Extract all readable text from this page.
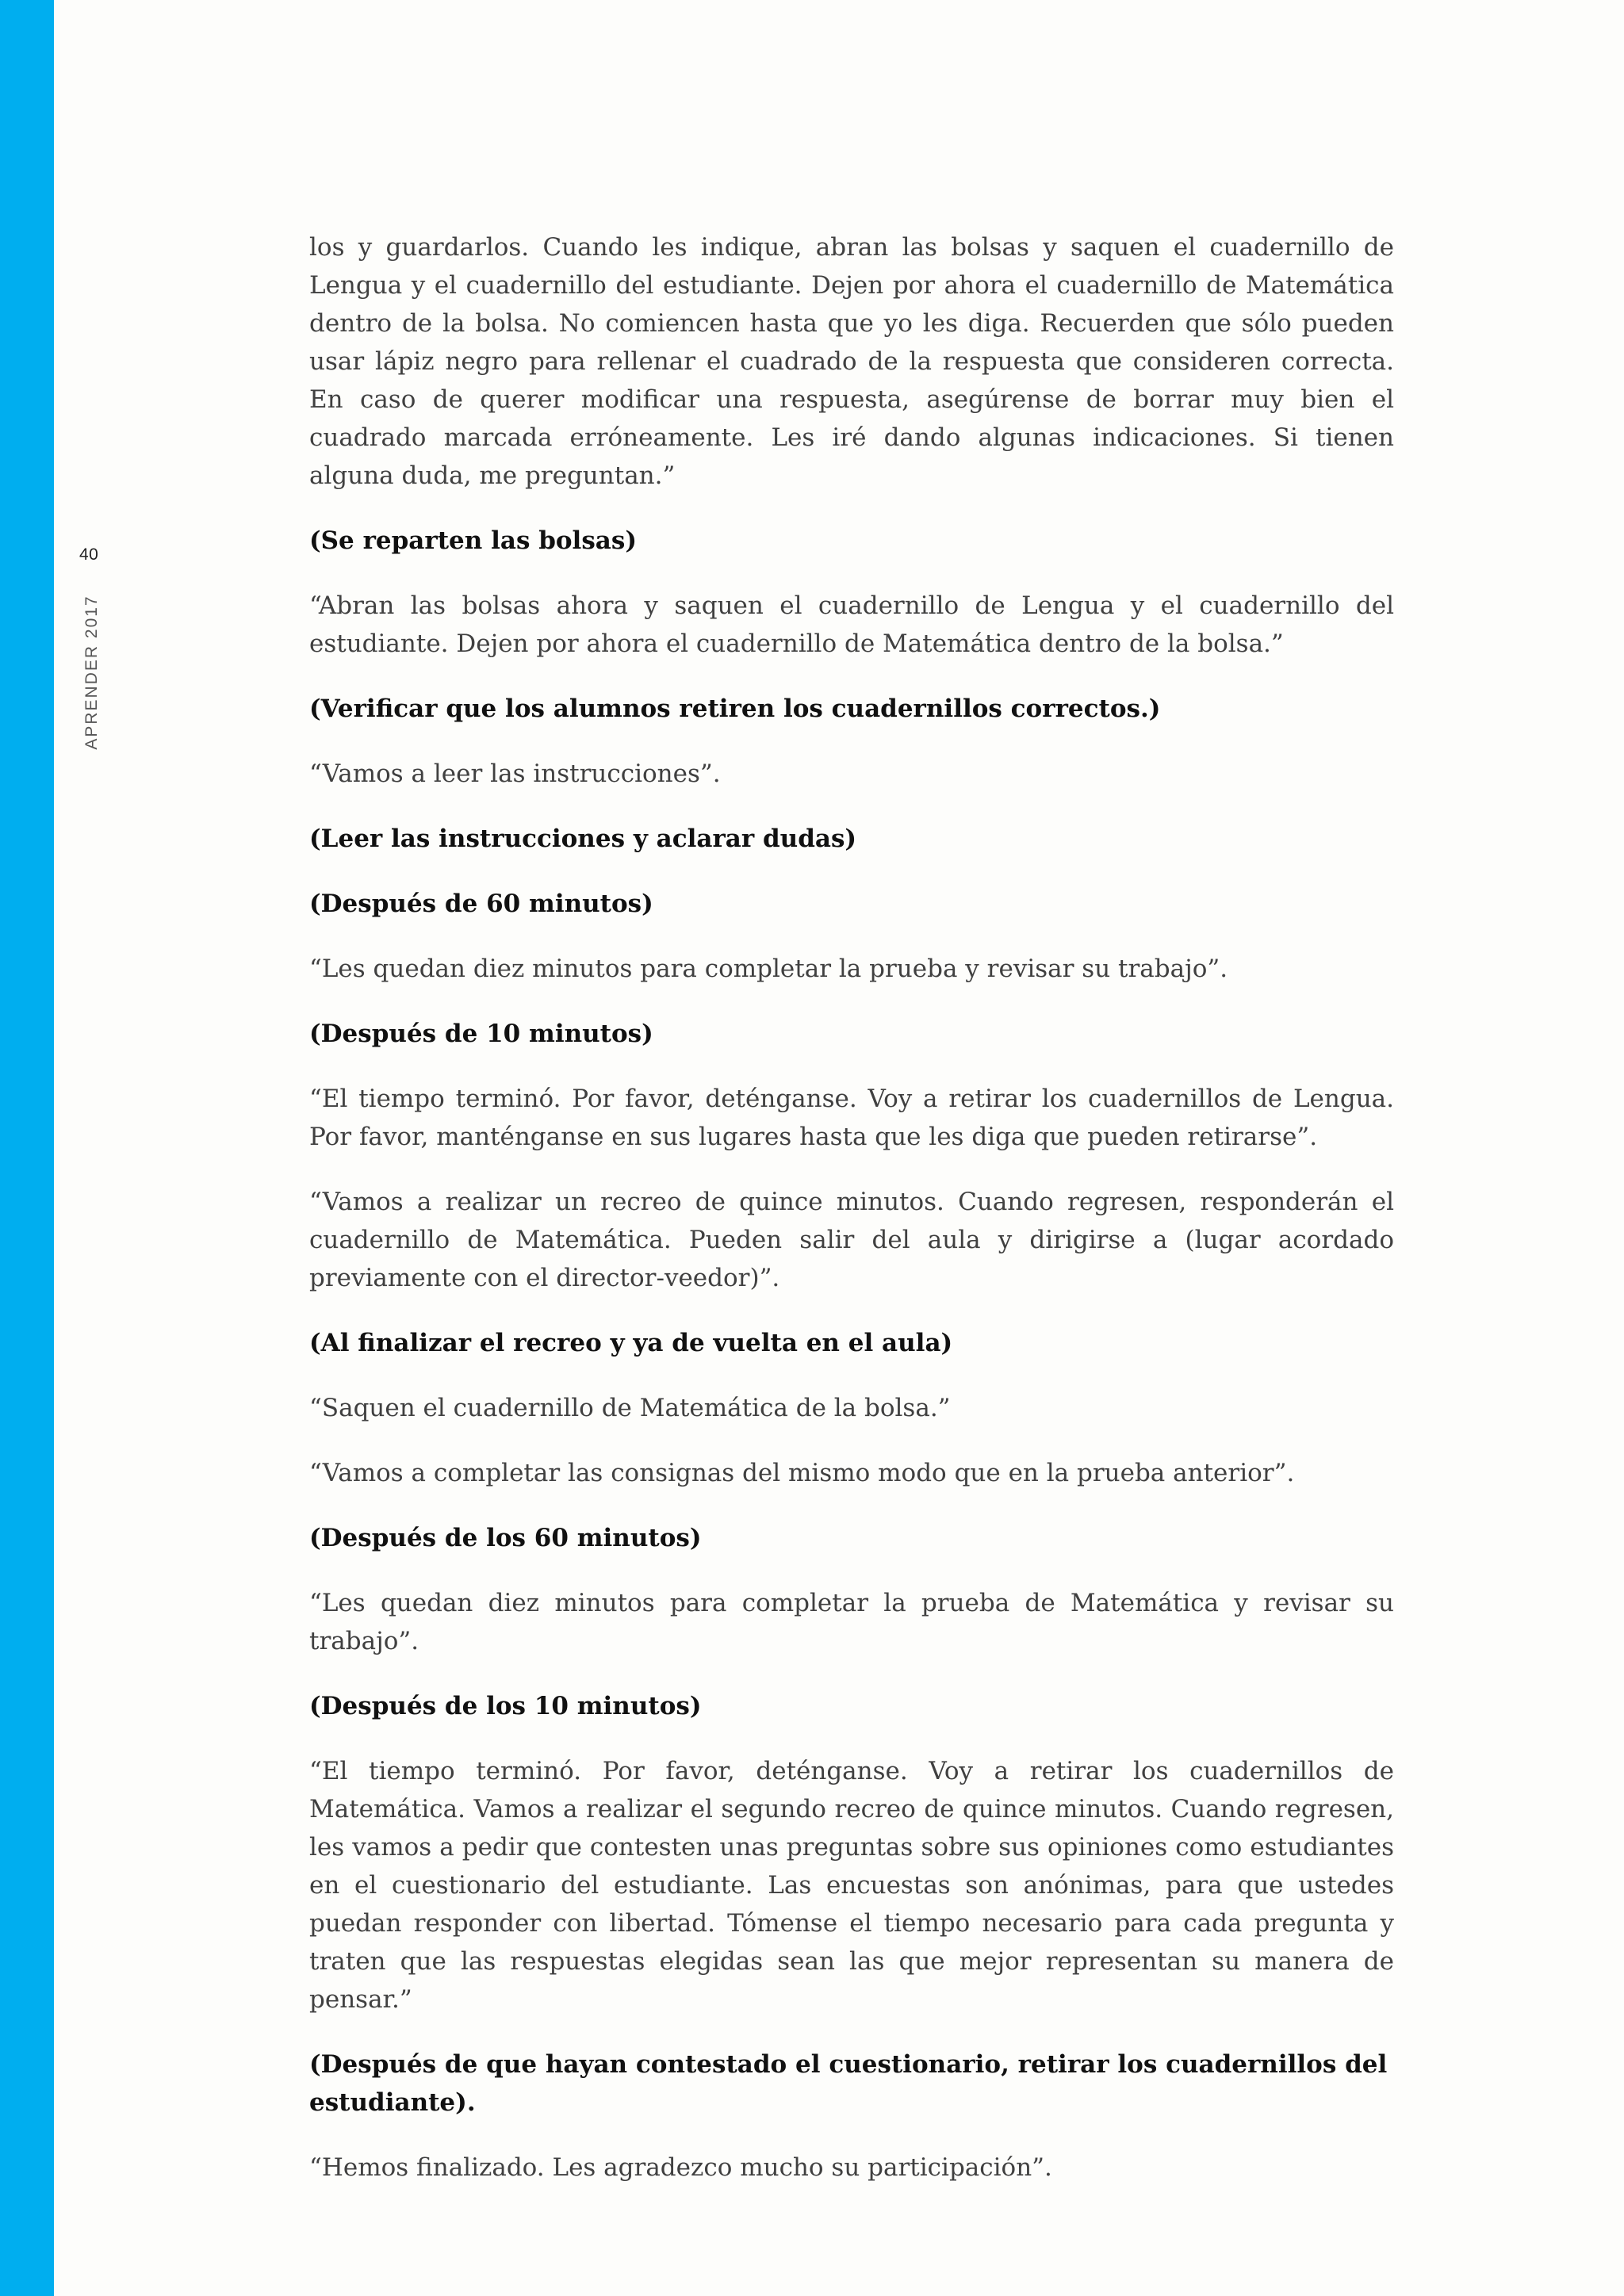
40
APRENDER 2017

los y guardarlos. Cuando les indique, abran las bolsas y saquen el cuadernillo de Lengua y el cuadernillo del estudiante. Dejen por ahora el cuadernillo de Matemática dentro de la bolsa. No comiencen hasta que yo les diga. Recuerden que sólo pueden usar lápiz negro para rellenar el cuadrado de la respuesta que consideren correcta. En caso de querer modificar una respuesta, asegúrense de borrar muy bien el cuadrado marcada erróneamente. Les iré dando algunas indicaciones. Si tienen alguna duda, me preguntan.”

(Se reparten las bolsas)

“Abran las bolsas ahora y saquen el cuadernillo de Lengua y el cuadernillo del estudiante. Dejen por ahora el cuadernillo de Matemática dentro de la bolsa.”

(Verificar que los alumnos retiren los cuadernillos correctos.)

“Vamos a leer las instrucciones”.

(Leer las instrucciones y aclarar dudas)

(Después de 60 minutos)

“Les quedan diez minutos para completar la prueba y revisar su trabajo”.

(Después de 10 minutos)

“El tiempo terminó. Por favor, deténganse. Voy a retirar los cuadernillos de Lengua. Por favor, manténganse en sus lugares hasta que les diga que pueden retirarse”.

“Vamos a realizar un recreo de quince minutos. Cuando regresen, responderán el cuadernillo de Matemática. Pueden salir del aula y dirigirse a (lugar acordado previamente con el director-veedor)”.

(Al finalizar el recreo y ya de vuelta en el aula)

“Saquen el cuadernillo de Matemática de la bolsa.”

“Vamos a completar las consignas del mismo modo que en la prueba anterior”.

(Después de los 60 minutos)

“Les quedan diez minutos para completar la prueba de Matemática y revisar su trabajo”.

(Después de los 10 minutos)

“El tiempo terminó. Por favor, deténganse. Voy a retirar los cuadernillos de Matemática. Vamos a realizar el segundo recreo de quince minutos. Cuando regresen, les vamos a pedir que contesten unas preguntas sobre sus opiniones como estudiantes en el cuestionario del estudiante. Las encuestas son anónimas, para que ustedes puedan responder con libertad. Tómense el tiempo necesario para cada pregunta y traten que las respuestas elegidas sean las que mejor representan su manera de pensar.”

(Después de que hayan contestado el cuestionario, retirar los cuadernillos del estudiante).

“Hemos finalizado. Les agradezco mucho su participación”.
